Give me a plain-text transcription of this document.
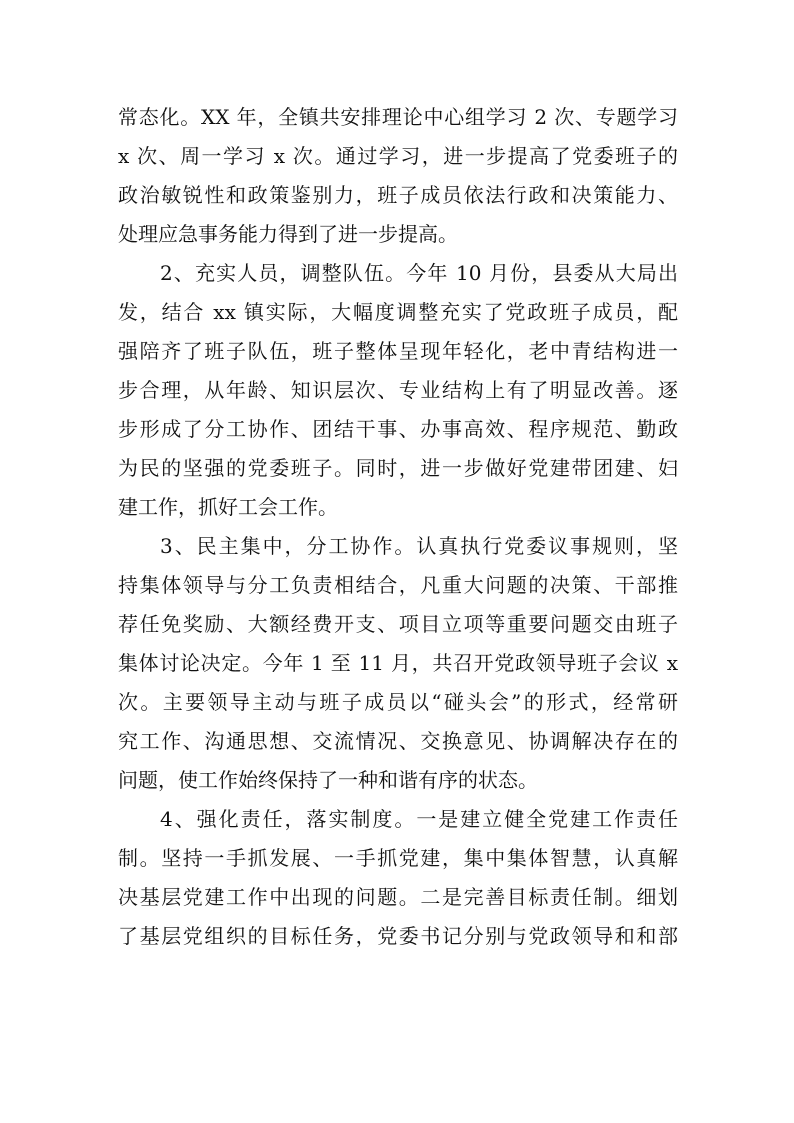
常态化。XX 年，全镇共安排理论中心组学习 2 次、专题学习
x 次、周一学习 x 次。通过学习，进一步提高了党委班子的
政治敏锐性和政策鉴别力，班子成员依法行政和决策能力、
处理应急事务能力得到了进一步提高。
2、充实人员，调整队伍。今年 10 月份，县委从大局出
发，结合 xx 镇实际，大幅度调整充实了党政班子成员，配
强陪齐了班子队伍，班子整体呈现年轻化，老中青结构进一
步合理，从年龄、知识层次、专业结构上有了明显改善。逐
步形成了分工协作、团结干事、办事高效、程序规范、勤政
为民的坚强的党委班子。同时，进一步做好党建带团建、妇
建工作，抓好工会工作。
3、民主集中，分工协作。认真执行党委议事规则，坚
持集体领导与分工负责相结合，凡重大问题的决策、干部推
荐任免奖励、大额经费开支、项目立项等重要问题交由班子
集体讨论决定。今年 1 至 11 月，共召开党政领导班子会议 x
次。主要领导主动与班子成员以“碰头会”的形式，经常研
究工作、沟通思想、交流情况、交换意见、协调解决存在的
问题，使工作始终保持了一种和谐有序的状态。
4、强化责任，落实制度。一是建立健全党建工作责任
制。坚持一手抓发展、一手抓党建，集中集体智慧，认真解
决基层党建工作中出现的问题。二是完善目标责任制。细划
了基层党组织的目标任务，党委书记分别与党政领导和和部
